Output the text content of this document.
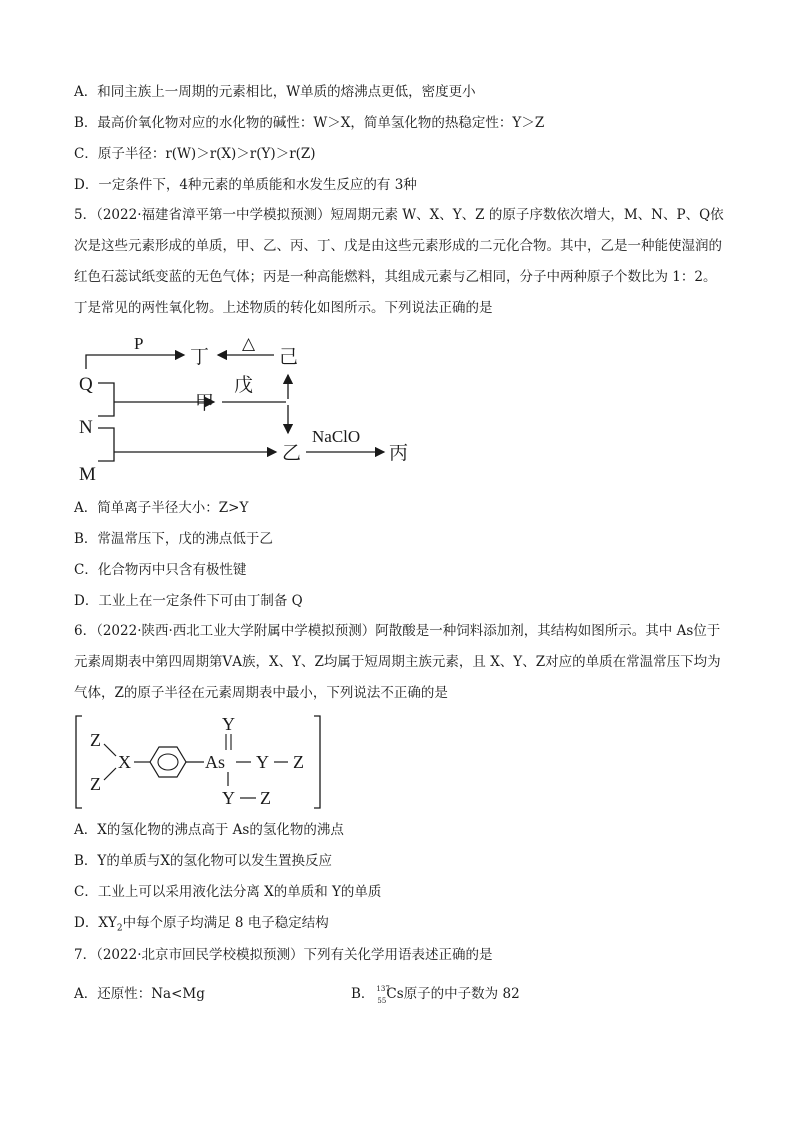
A．和同主族上一周期的元素相比，W单质的熔沸点更低，密度更小
B．最高价氧化物对应的水化物的碱性：W＞X，简单氢化物的热稳定性：Y＞Z
C．原子半径：r(W)＞r(X)＞r(Y)＞r(Z)
D．一定条件下，4种元素的单质能和水发生反应的有 3种
5．（2022·福建省漳平第一中学模拟预测）短周期元素 W、X、Y、Z 的原子序数依次增大，M、N、P、Q依次是这些元素形成的单质，甲、乙、丙、丁、戊是由这些元素形成的二元化合物。其中，乙是一种能使湿润的红色石蕊试纸变蓝的无色气体；丙是一种高能燃料，其组成元素与乙相同，分子中两种原子个数比为 1：2。丁是常见的两性氧化物。上述物质的转化如图所示。下列说法正确的是
P
丁
△
己
Q
N
M
甲
戊
乙
NaClO
丙
A．简单离子半径大小：Z>Y
B．常温常压下，戊的沸点低于乙
C．化合物丙中只含有极性键
D．工业上在一定条件下可由丁制备 Q
6．（2022·陕西·西北工业大学附属中学模拟预测）阿散酸是一种饲料添加剂，其结构如图所示。其中 As位于元素周期表中第四周期第ⅤA族，X、Y、Z均属于短周期主族元素，且 X、Y、Z对应的单质在常温常压下均为气体，Z的原子半径在元素周期表中最小，下列说法不正确的是
Z
Z
X	As
Y
Y Z
Y Z
A．X的氢化物的沸点高于 As的氢化物的沸点
B．Y的单质与X的氢化物可以发生置换反应
C．工业上可以采用液化法分离 X的单质和 Y的单质
D．$XY_2$中每个原子均满足 8 电子稳定结构
7．（2022·北京市回民学校模拟预测）下列有关化学用语表述正确的是
A．还原性：Na<Mg	B． 137
55 Cs原子的中子数为 82
